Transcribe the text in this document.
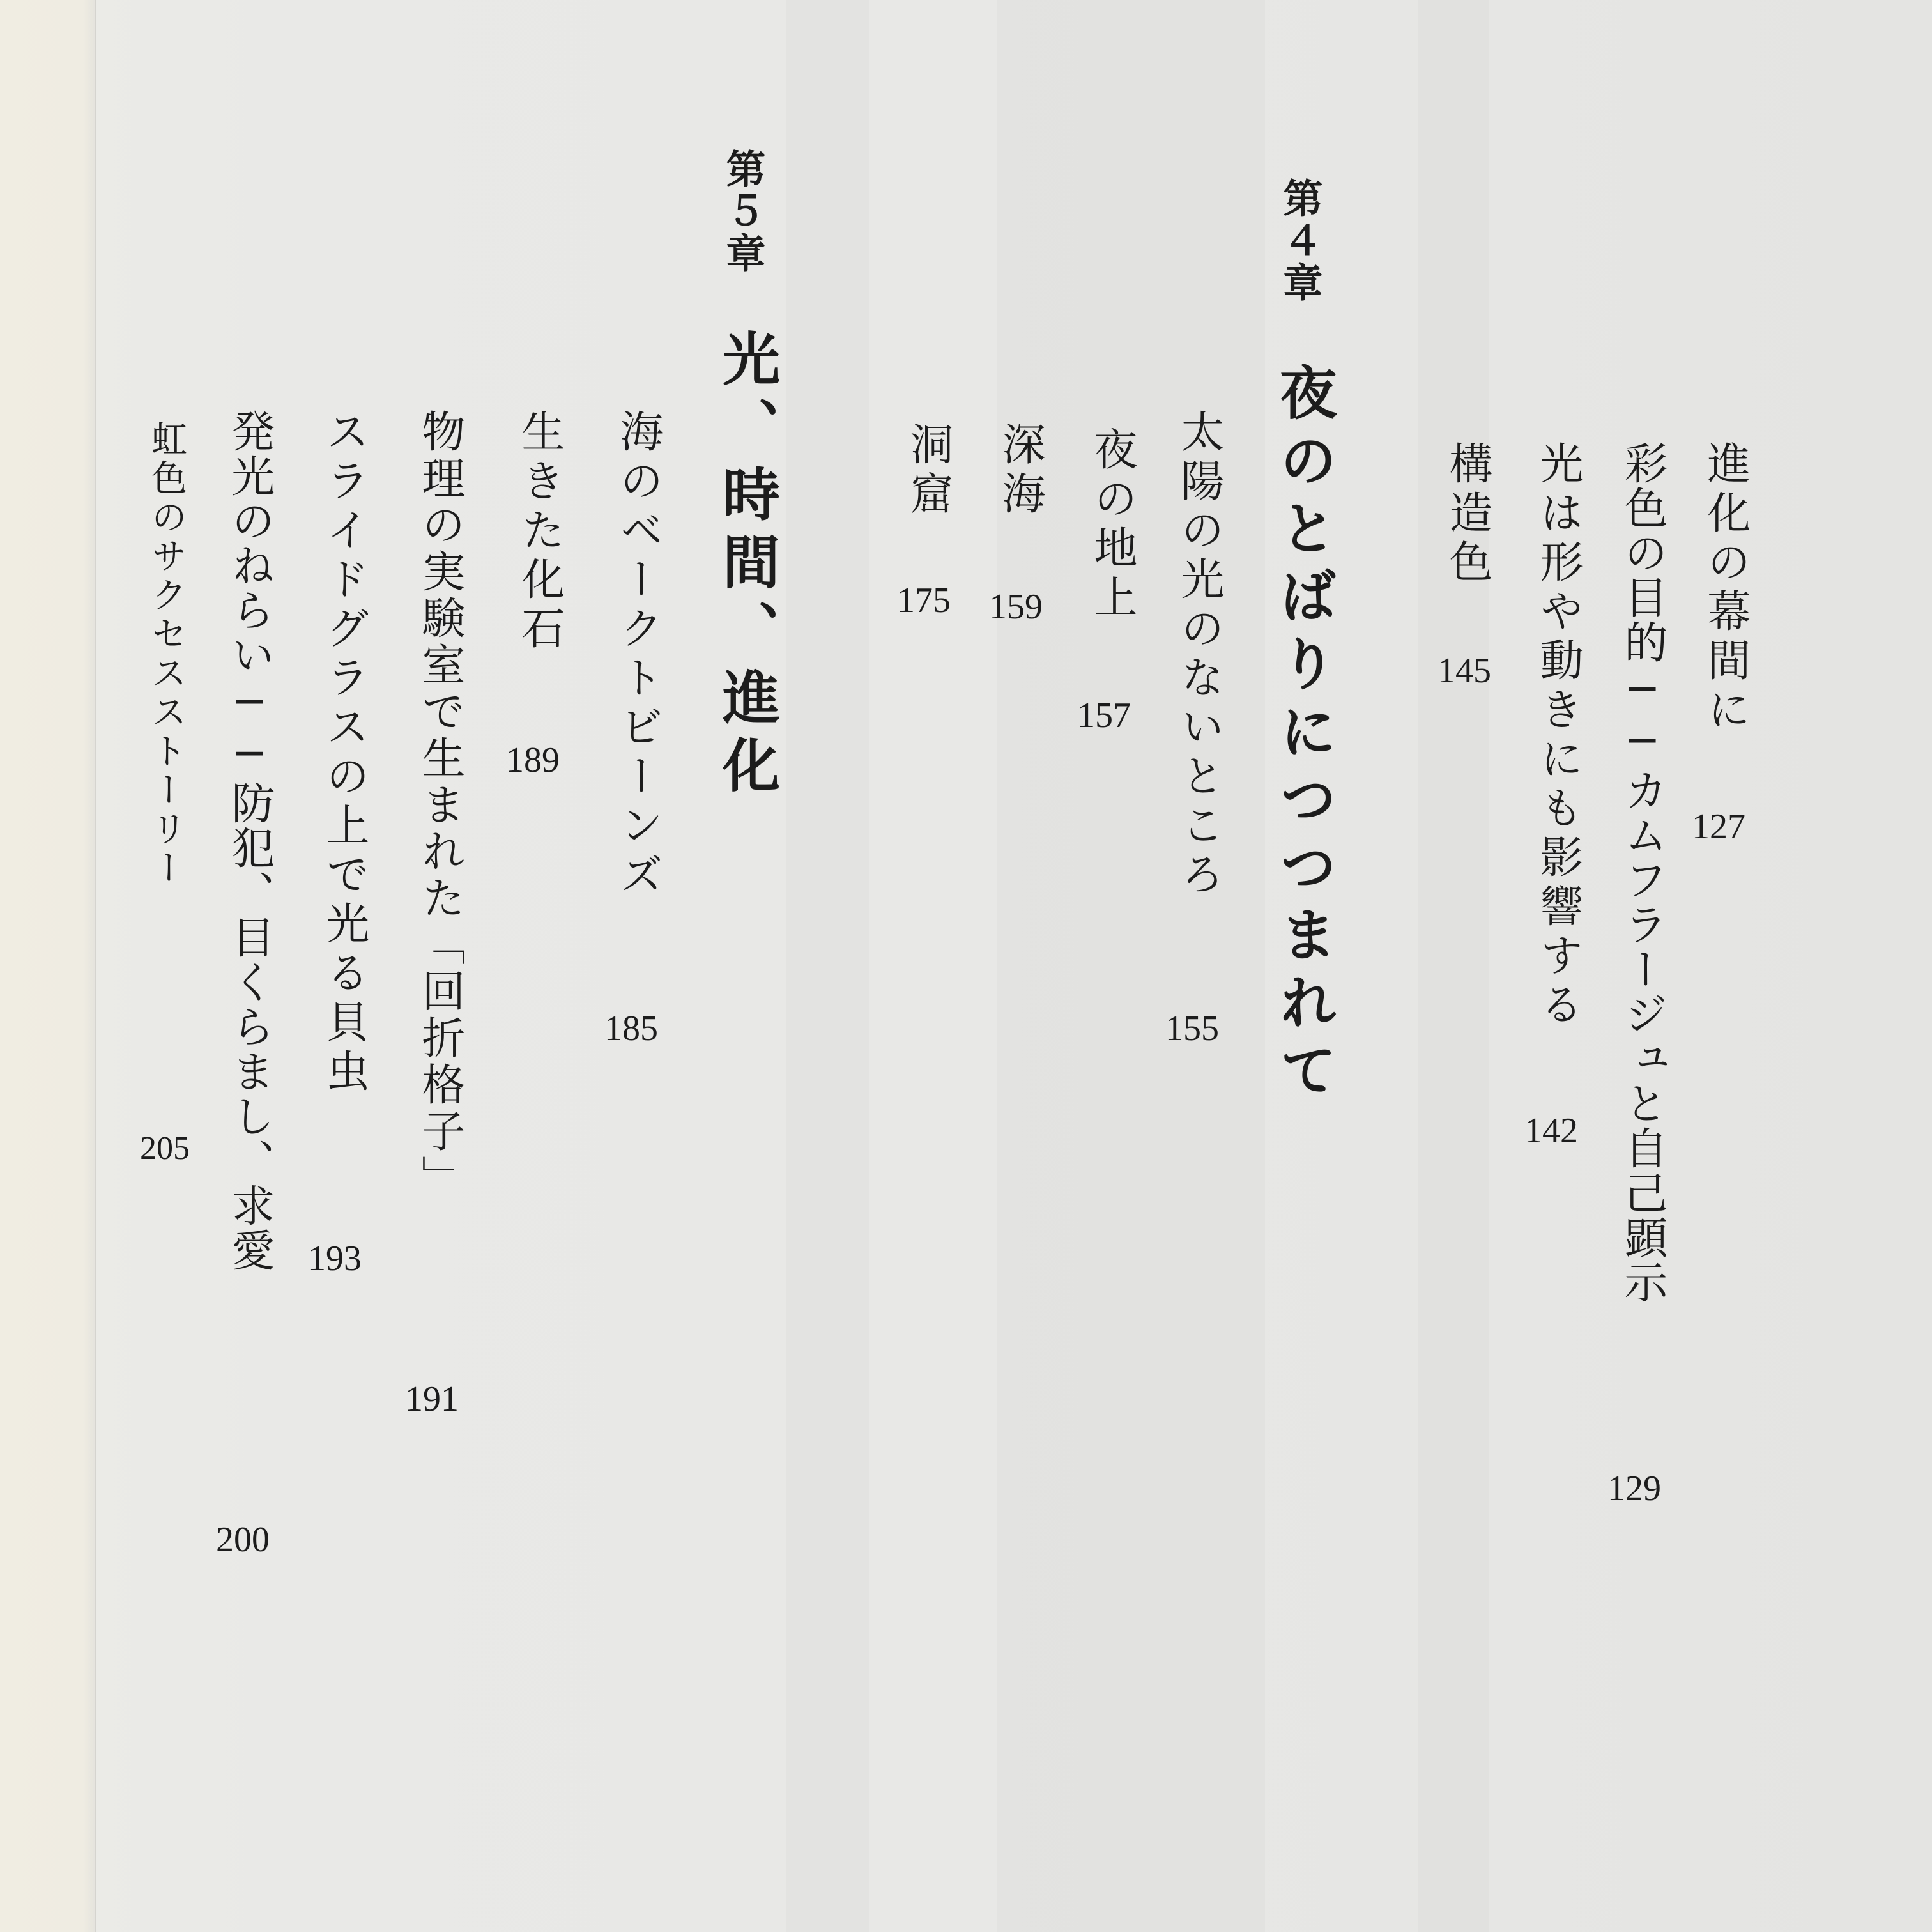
進化の幕間に

127

彩色の目的──カムフラージュと自己顕示

129

光は形や動きにも影響する

142

構造色

145

第４章

夜のとばりにつつまれて

太陽の光のないところ

155

夜の地上

157

深海

159

洞窟

175

第５章

光、時間、進化

海のベークトビーンズ

185

生きた化石

189

物理の実験室で生まれた「回折格子」

191

スライドグラスの上で光る貝虫

193

発光のねらい──防犯、目くらまし、求愛

200

虹色のサクセスストーリー

205
